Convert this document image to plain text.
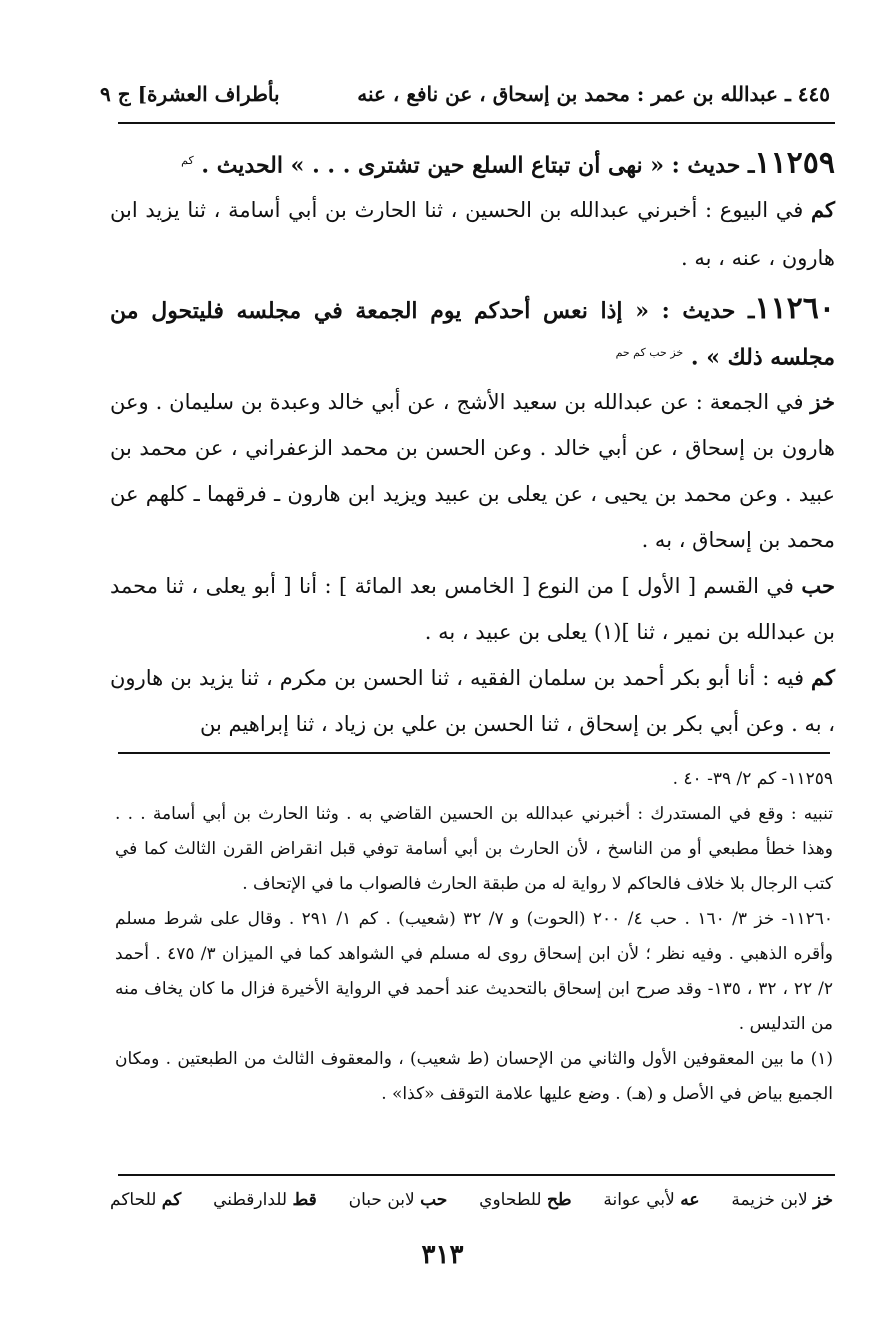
بأطراف العشرة] ج ٩	٤٤٥ ـ عبدالله بن عمر : محمد بن إسحاق ، عن نافع ، عنه
١١٢٥٩ـ حديث : « نهى أن تبتاع السلع حين تشترى . . . » الحديث . $^{كم}$

كم في البيوع : أخبرني عبدالله بن الحسين ، ثنا الحارث بن أبي أسامة ، ثنا يزيد ابن هارون ، عنه ، به .

١١٢٦٠ـ حديث : « إذا نعس أحدكم يوم الجمعة في مجلسه فليتحول من مجلسه ذلك » . $^{خز حب كم حم}$

خز في الجمعة : عن عبدالله بن سعيد الأشج ، عن أبي خالد وعبدة بن سليمان . وعن هارون بن إسحاق ، عن أبي خالد . وعن الحسن بن محمد الزعفراني ، عن محمد بن عبيد . وعن محمد بن يحيى ، عن يعلى بن عبيد ويزيد ابن هارون ـ فرقهما ـ كلهم عن محمد بن إسحاق ، به .

حب في القسم [ الأول ] من النوع [ الخامس بعد المائة ] : أنا [ أبو يعلى ، ثنا محمد بن عبدالله بن نمير ، ثنا ](١) يعلى بن عبيد ، به .

كم فيه : أنا أبو بكر أحمد بن سلمان الفقيه ، ثنا الحسن بن مكرم ، ثنا يزيد بن هارون ، به . وعن أبي بكر بن إسحاق ، ثنا الحسن بن علي بن زياد ، ثنا إبراهيم بن

١١٢٥٩- كم ٢/ ٣٩- ٤٠ .

تنبيه : وقع في المستدرك : أخبرني عبدالله بن الحسين القاضي به . وثنا الحارث بن أبي أسامة . . . وهذا خطأ مطبعي أو من الناسخ ، لأن الحارث بن أبي أسامة توفي قبل انقراض القرن الثالث كما في كتب الرجال بلا خلاف فالحاكم لا رواية له من طبقة الحارث فالصواب ما في الإتحاف .

١١٢٦٠- خز ٣/ ١٦٠ . حب ٤/ ٢٠٠ (الحوت) و ٧/ ٣٢ (شعيب) . كم ١/ ٢٩١ . وقال على شرط مسلم وأقره الذهبي . وفيه نظر ؛ لأن ابن إسحاق روى له مسلم في الشواهد كما في الميزان ٣/ ٤٧٥ . أحمد ٢/ ٢٢ ، ٣٢ ، ١٣٥- وقد صرح ابن إسحاق بالتحديث عند أحمد في الرواية الأخيرة فزال ما كان يخاف منه من التدليس .

(١) ما بين المعقوفين الأول والثاني من الإحسان (ط شعيب) ، والمعقوف الثالث من الطبعتين . ومكان الجميع بياض في الأصل و (هـ) . وضع عليها علامة التوقف «كذا» .

خز لابن خزيمة
عه لأبي عوانة
طح للطحاوي
حب لابن حبان
قط للدارقطني
كم للحاكم
٣١٣
